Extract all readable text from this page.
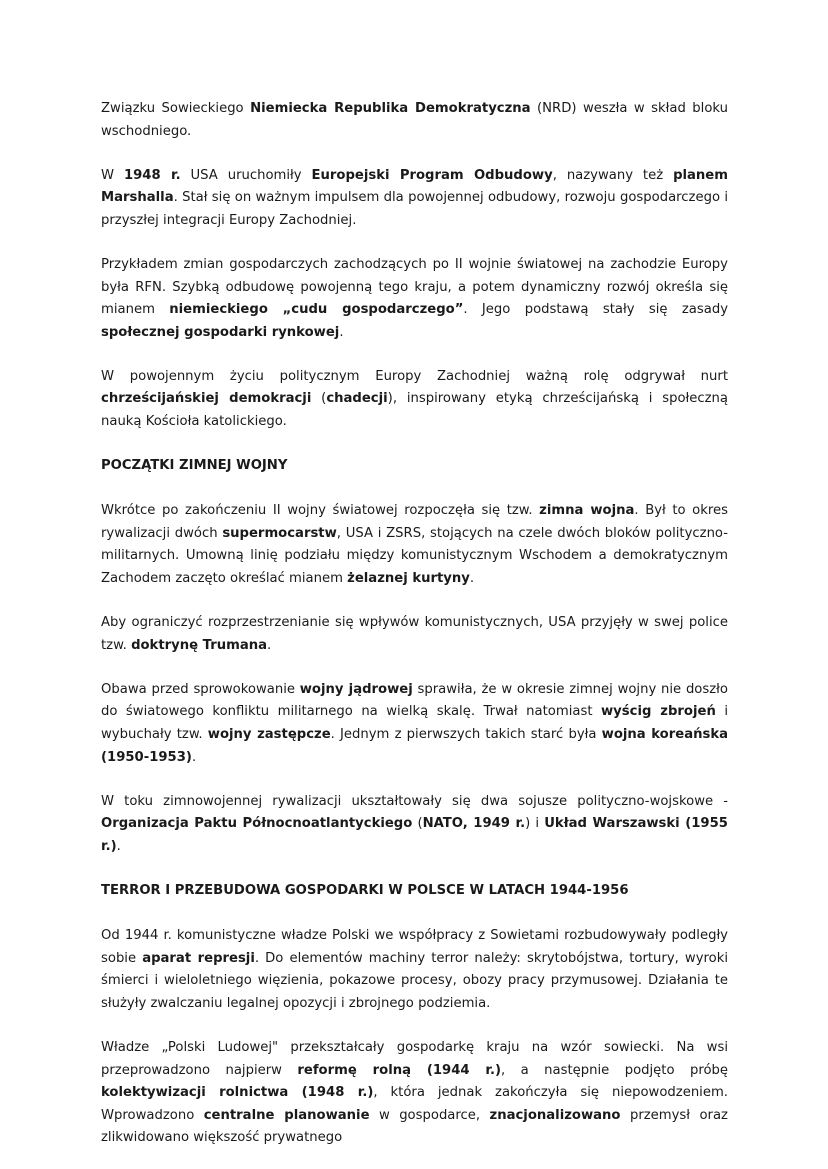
Związku Sowieckiego Niemiecka Republika Demokratyczna (NRD) weszła w skład bloku wschodniego.

W 1948 r. USA uruchomiły Europejski Program Odbudowy, nazywany też planem Marshalla. Stał się on ważnym impulsem dla powojennej odbudowy, rozwoju gospodarczego i przyszłej integracji Europy Zachodniej.

Przykładem zmian gospodarczych zachodzących po II wojnie światowej na zachodzie Europy była RFN. Szybką odbudowę powojenną tego kraju, a potem dynamiczny rozwój określa się mianem niemieckiego „cudu gospodarczego”. Jego podstawą stały się zasady społecznej gospodarki rynkowej.

W powojennym życiu politycznym Europy Zachodniej ważną rolę odgrywał nurt chrześcijańskiej demokracji (chadecji), inspirowany etyką chrześcijańską i społeczną nauką Kościoła katolickiego.

POCZĄTKI ZIMNEJ WOJNY

Wkrótce po zakończeniu II wojny światowej rozpoczęła się tzw. zimna wojna. Był to okres rywalizacji dwóch supermocarstw, USA i ZSRS, stojących na czele dwóch bloków polityczno-militarnych. Umowną linię podziału między komunistycznym Wschodem a demokratycznym Zachodem zaczęto określać mianem żelaznej kurtyny.

Aby ograniczyć rozprzestrzenianie się wpływów komunistycznych, USA przyjęły w swej police tzw. doktrynę Trumana.

Obawa przed sprowokowanie wojny jądrowej sprawiła, że w okresie zimnej wojny nie doszło do światowego konfliktu militarnego na wielką skalę. Trwał natomiast wyścig zbrojeń i wybuchały tzw. wojny zastępcze. Jednym z pierwszych takich starć była wojna koreańska (1950-1953).

W toku zimnowojennej rywalizacji ukształtowały się dwa sojusze polityczno-wojskowe - Organizacja Paktu Północnoatlantyckiego (NATO, 1949 r.) i Układ Warszawski (1955 r.).

TERROR I PRZEBUDOWA GOSPODARKI W POLSCE W LATACH 1944-1956

Od 1944 r. komunistyczne władze Polski we współpracy z Sowietami rozbudowywały podległy sobie aparat represji. Do elementów machiny terror należy: skrytobójstwa, tortury, wyroki śmierci i wieloletniego więzienia, pokazowe procesy, obozy pracy przymusowej. Działania te służyły zwalczaniu legalnej opozycji i zbrojnego podziemia.

Władze „Polski Ludowej" przekształcały gospodarkę kraju na wzór sowiecki. Na wsi przeprowadzono najpierw reformę rolną (1944 r.), a następnie podjęto próbę kolektywizacji rolnictwa (1948 r.), która jednak zakończyła się niepowodzeniem. Wprowadzono centralne planowanie w gospodarce, znacjonalizowano przemysł oraz zlikwidowano większość prywatnego
